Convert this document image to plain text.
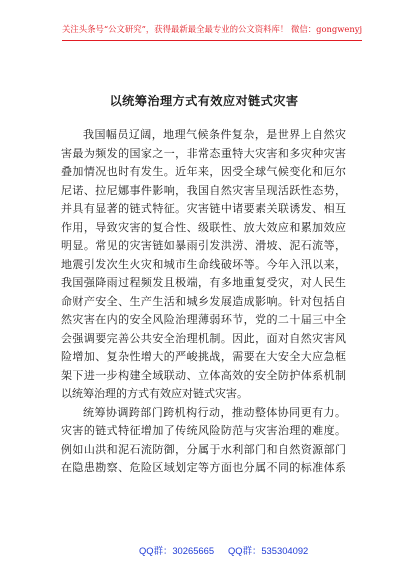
关注头条号“公文研究”，获得最新最全最专业的公文资料库！ 微信：gongwenyj
以统筹治理方式有效应对链式灾害
我国幅员辽阔，地理气候条件复杂，是世界上自然灾
害最为频发的国家之一，非常态重特大灾害和多灾种灾害
叠加情况也时有发生。近年来，因受全球气候变化和厄尔
尼诺、拉尼娜事件影响，我国自然灾害呈现活跃性态势，
并具有显著的链式特征。灾害链中诸要素关联诱发、相互
作用，导致灾害的复合性、级联性、放大效应和累加效应
明显。常见的灾害链如暴雨引发洪涝、滑坡、泥石流等，
地震引发次生火灾和城市生命线破坏等。今年入汛以来，
我国强降雨过程频发且极端，有多地重复受灾，对人民生
命财产安全、生产生活和城乡发展造成影响。针对包括自
然灾害在内的安全风险治理薄弱环节，党的二十届三中全
会强调要完善公共安全治理机制。因此，面对自然灾害风
险增加、复杂性增大的严峻挑战，需要在大安全大应急框
架下进一步构建全域联动、立体高效的安全防护体系机制
以统筹治理的方式有效应对链式灾害。
统筹协调跨部门跨机构行动，推动整体协同更有力。
灾害的链式特征增加了传统风险防范与灾害治理的难度。
例如山洪和泥石流防御，分属于水利部门和自然资源部门
在隐患勘察、危险区域划定等方面也分属不同的标准体系
QQ群：30265665 QQ群：535304092
